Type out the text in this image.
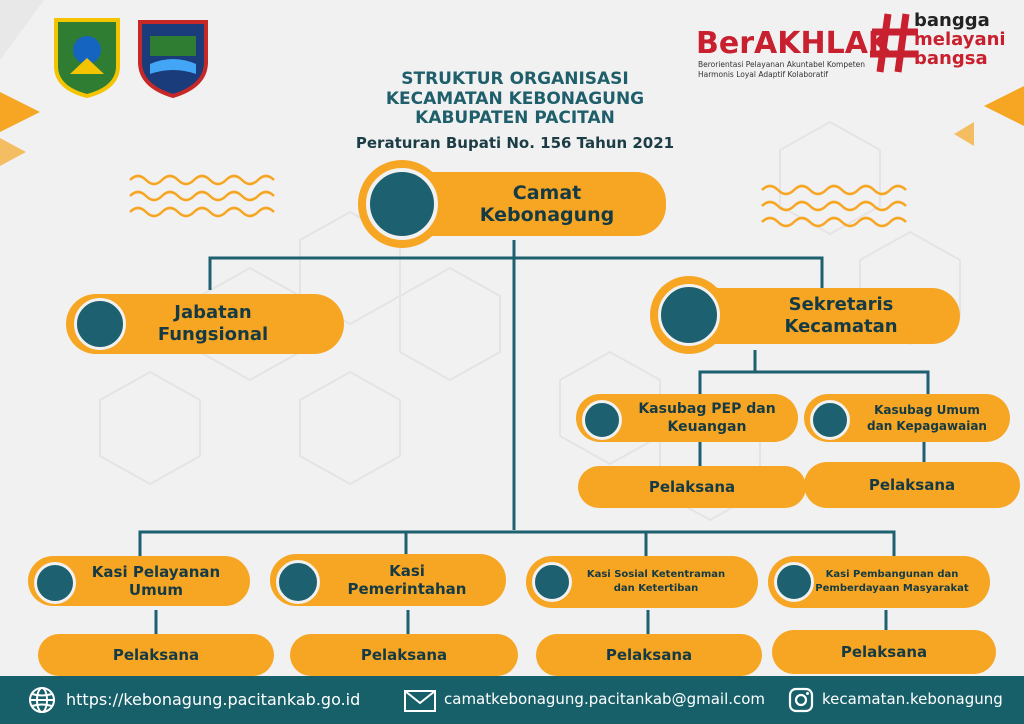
STRUKTUR ORGANISASI
KECAMATAN KEBONAGUNG
KABUPATEN PACITAN
Peraturan Bupati No. 156 Tahun 2021
BerAKHLAK
Berorientasi Pelayanan Akuntabel Kompeten
Harmonis Loyal Adaptif Kolaboratif
bangga
melayani
bangsa
Camat
Kebonagung
Jabatan
Fungsional
Sekretaris
Kecamatan
Kasubag PEP dan
Keuangan
Pelaksana
Kasubag Umum
dan Kepagawaian
Pelaksana
Kasi Pelayanan
Umum
Pelaksana
Kasi
Pemerintahan
Pelaksana
Kasi Sosial Ketentraman
dan Ketertiban
Pelaksana
Kasi Pembangunan dan
Pemberdayaan Masyarakat
Pelaksana
https://kebonagung.pacitankab.go.id	camatkebonagung.pacitankab@gmail.com	kecamatan.kebonagung
